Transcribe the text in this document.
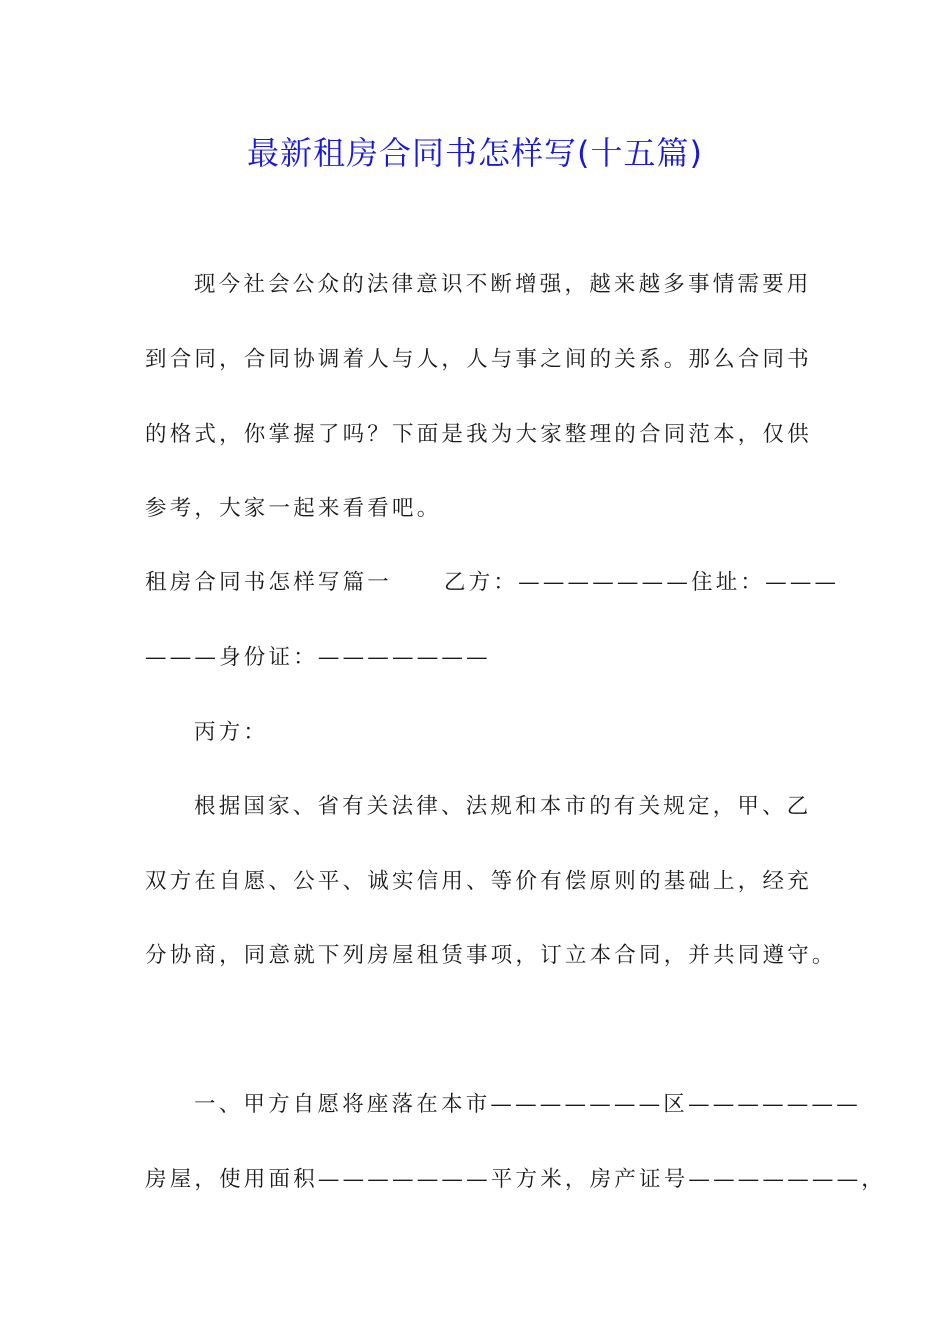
最新租房合同书怎样写(十五篇)
现今社会公众的法律意识不断增强，越来越多事情需要用
到合同，合同协调着人与人，人与事之间的关系。那么合同书
的格式，你掌握了吗？下面是我为大家整理的合同范本，仅供
参考，大家一起来看看吧。
租房合同书怎样写篇一 乙方：———————住址：———
———身份证：———————
丙方：
根据国家、省有关法律、法规和本市的有关规定，甲、乙
双方在自愿、公平、诚实信用、等价有偿原则的基础上，经充
分协商，同意就下列房屋租赁事项，订立本合同，并共同遵守。
一、甲方自愿将座落在本市———————区———————
房屋，使用面积———————平方米，房产证号———————，
